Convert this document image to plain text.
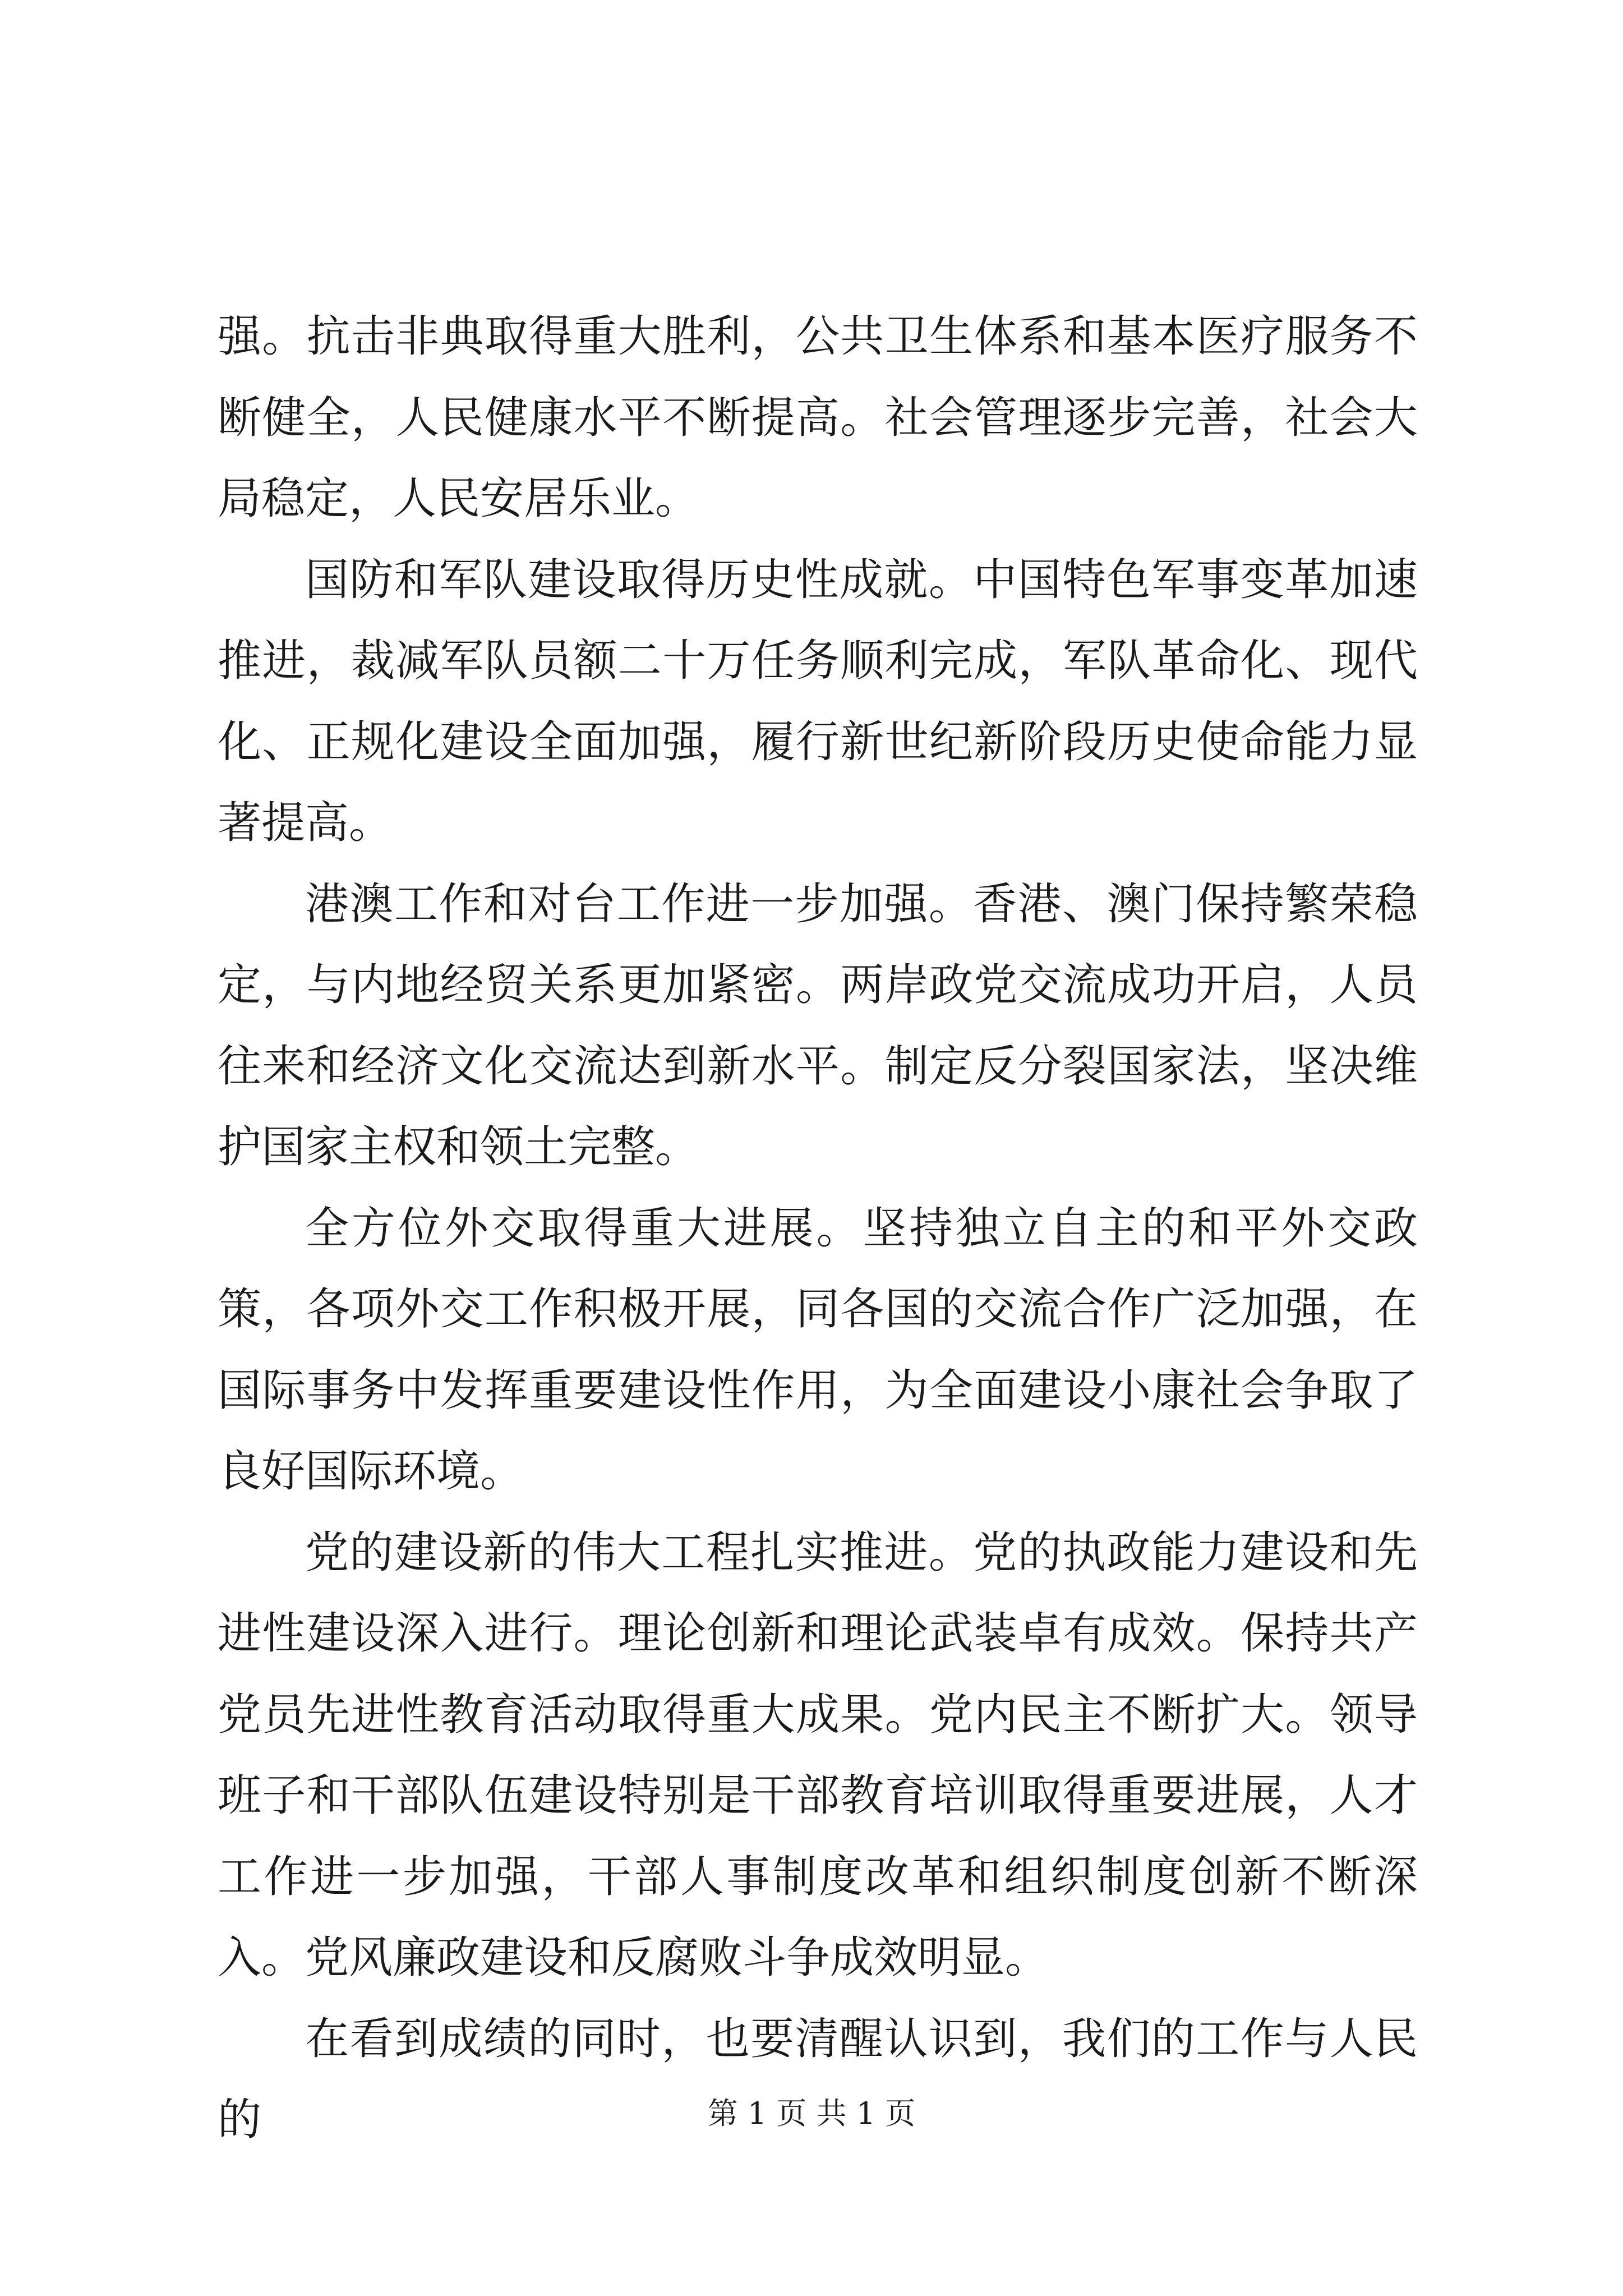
强。抗击非典取得重大胜利，公共卫生体系和基本医疗服务不断健全，人民健康水平不断提高。社会管理逐步完善，社会大局稳定，人民安居乐业。

国防和军队建设取得历史性成就。中国特色军事变革加速推进，裁减军队员额二十万任务顺利完成，军队革命化、现代化、正规化建设全面加强，履行新世纪新阶段历史使命能力显著提高。

港澳工作和对台工作进一步加强。香港、澳门保持繁荣稳定，与内地经贸关系更加紧密。两岸政党交流成功开启，人员往来和经济文化交流达到新水平。制定反分裂国家法，坚决维护国家主权和领土完整。

全方位外交取得重大进展。坚持独立自主的和平外交政策，各项外交工作积极开展，同各国的交流合作广泛加强，在国际事务中发挥重要建设性作用，为全面建设小康社会争取了良好国际环境。

党的建设新的伟大工程扎实推进。党的执政能力建设和先进性建设深入进行。理论创新和理论武装卓有成效。保持共产党员先进性教育活动取得重大成果。党内民主不断扩大。领导班子和干部队伍建设特别是干部教育培训取得重要进展，人才工作进一步加强，干部人事制度改革和组织制度创新不断深入。党风廉政建设和反腐败斗争成效明显。

在看到成绩的同时，也要清醒认识到，我们的工作与人民的	第 1 页 共 1 页
